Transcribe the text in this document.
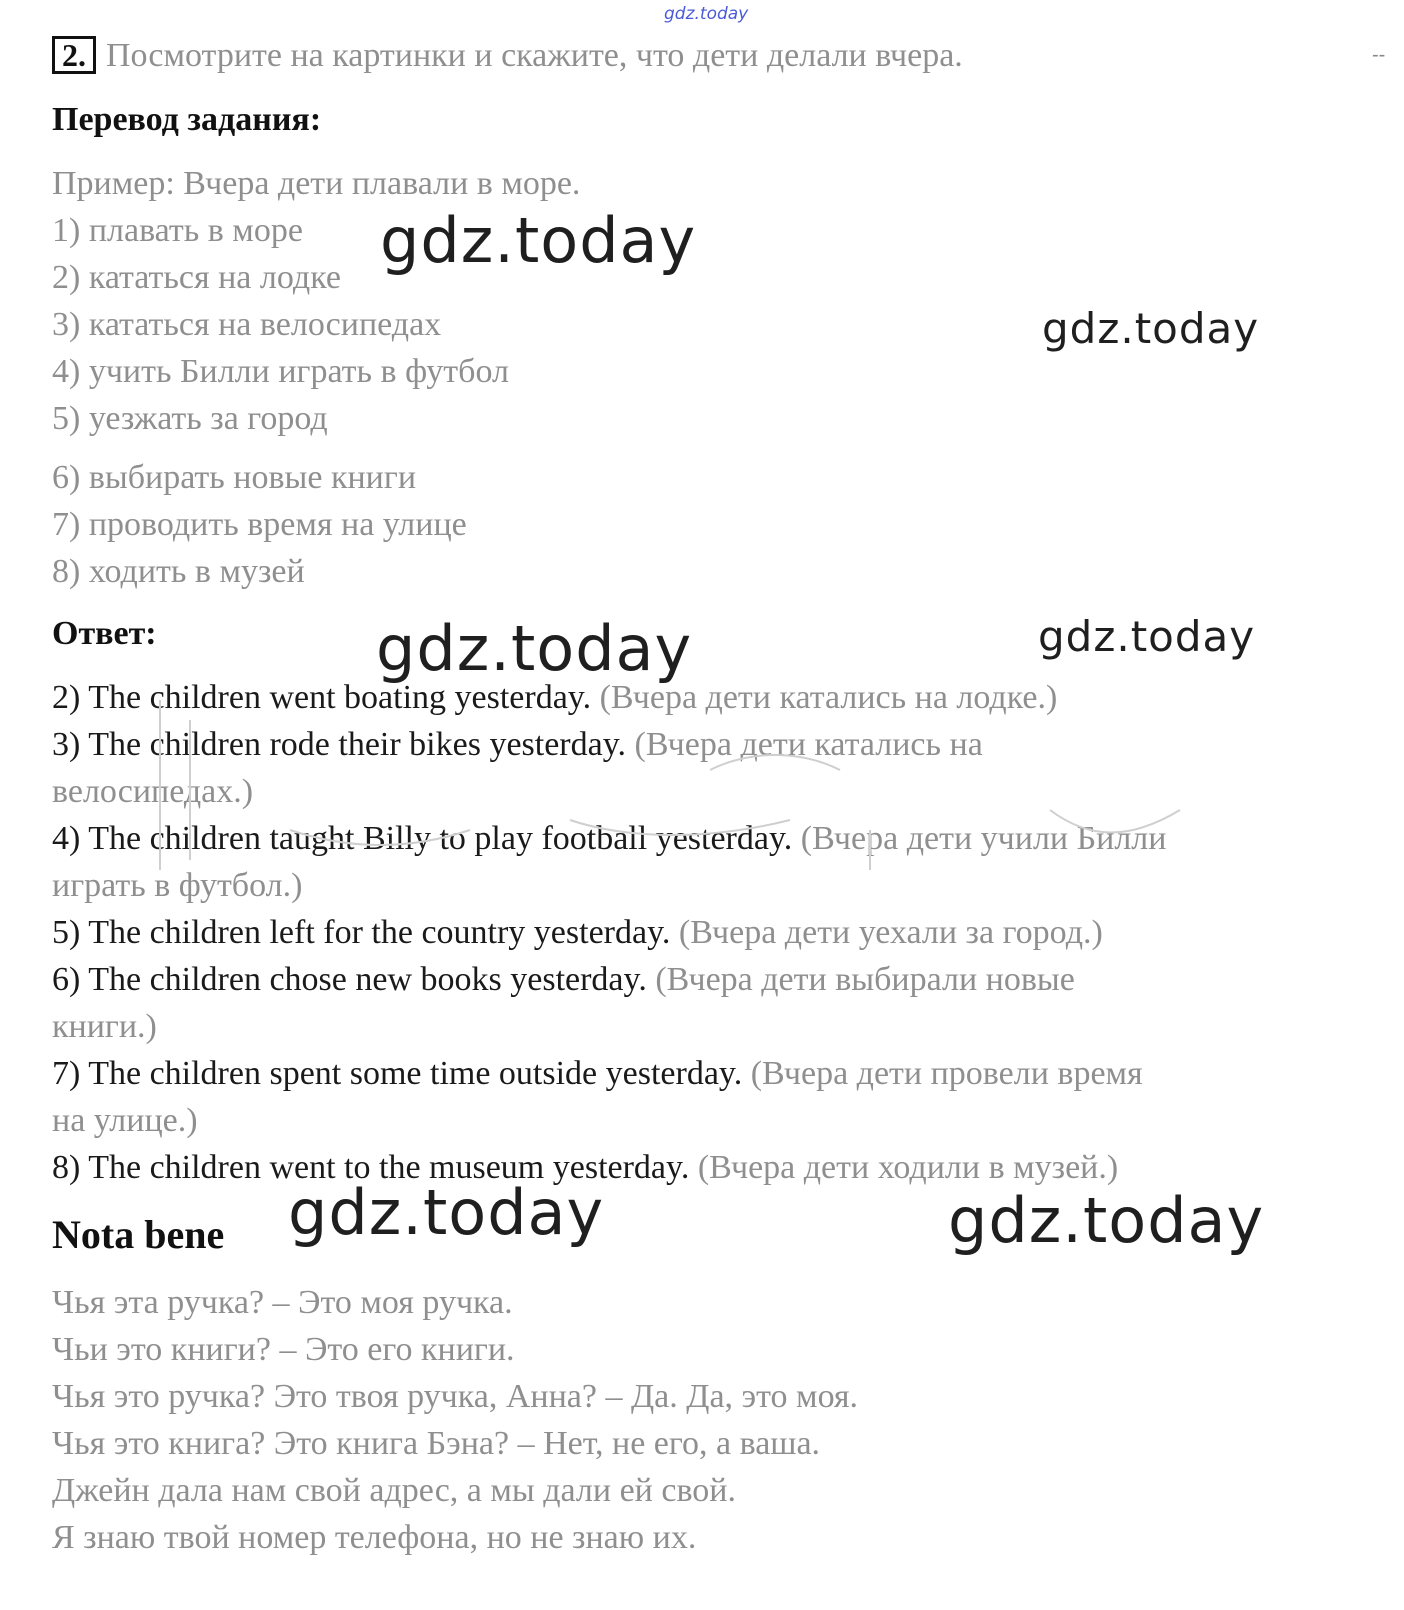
gdz.today
--
2. Посмотрите на картинки и скажите, что дети делали вчера.
Перевод задания:
Пример: Вчера дети плавали в море.
1) плавать в море
2) кататься на лодке
3) кататься на велосипедах
4) учить Билли играть в футбол
5) уезжать за город
6) выбирать новые книги
7) проводить время на улице
8) ходить в музей
Ответ:
2) The children went boating yesterday. (Вчера дети катались на лодке.)
3) The children rode their bikes yesterday. (Вчера дети катались на
велосипедах.)
4) The children taught Billy to play football yesterday. (Вчера дети учили Билли
играть в футбол.)
5) The children left for the country yesterday. (Вчера дети уехали за город.)
6) The children chose new books yesterday. (Вчера дети выбирали новые
книги.)
7) The children spent some time outside yesterday. (Вчера дети провели время
на улице.)
8) The children went to the museum yesterday. (Вчера дети ходили в музей.)
Nota bene
Чья эта ручка? – Это моя ручка.
Чьи это книги? – Это его книги.
Чья это ручка? Это твоя ручка, Анна? – Да. Да, это моя.
Чья это книга? Это книга Бэна? – Нет, не его, а ваша.
Джейн дала нам свой адрес, а мы дали ей свой.
Я знаю твой номер телефона, но не знаю их.
gdz.today
gdz.today
gdz.today	gdz.today
gdz.today	gdz.today
